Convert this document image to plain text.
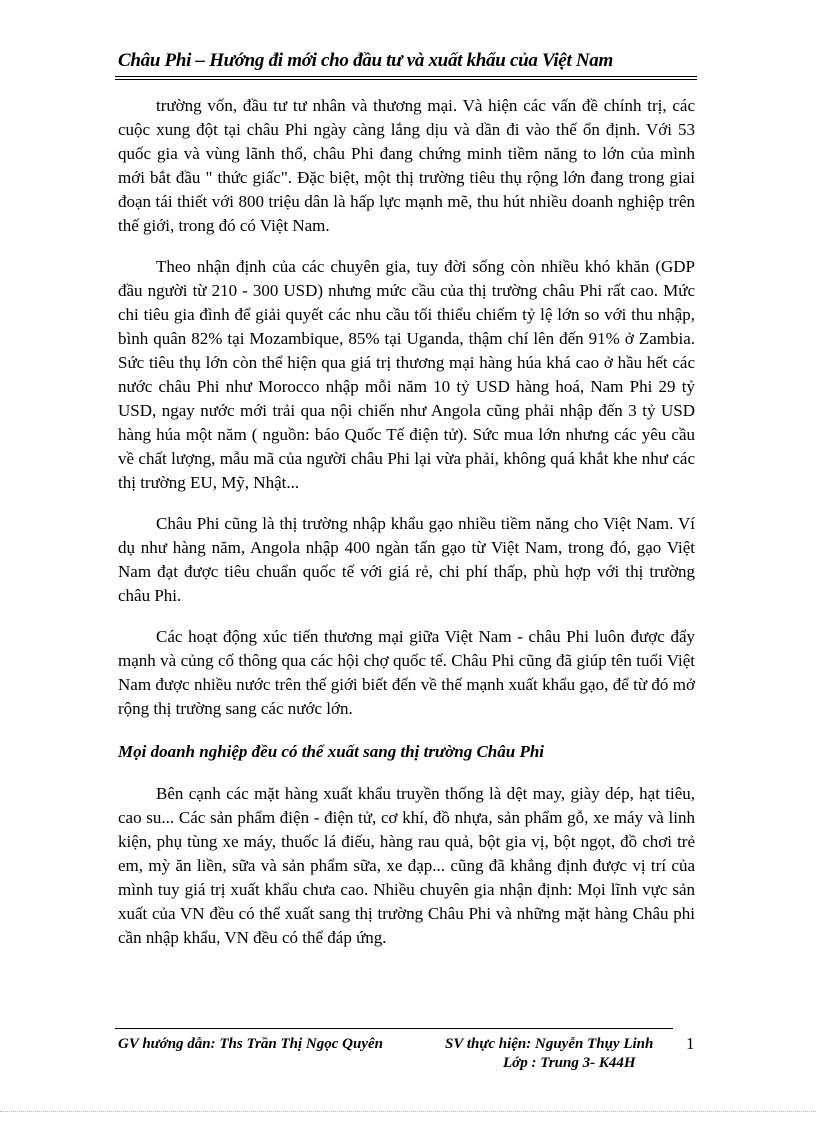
Châu Phi – Hướng đi mới cho đầu tư và xuất khẩu của Việt Nam

trường vốn, đầu tư tư nhân và thương mại. Và hiện các vấn đề chính trị, các cuộc xung đột tại châu Phi ngày càng lắng dịu và dần đi vào thế ổn định. Với 53 quốc gia và vùng lãnh thổ, châu Phi đang chứng minh tiềm năng to lớn của mình mới bắt đầu " thức giấc". Đặc biệt, một thị trường tiêu thụ rộng lớn đang trong giai đoạn tái thiết với 800 triệu dân là hấp lực mạnh mẽ, thu hút nhiều doanh nghiệp trên thế giới, trong đó có Việt Nam.

Theo nhận định của các chuyên gia, tuy đời sống còn nhiều khó khăn (GDP đầu người từ 210 - 300 USD) nhưng mức cầu của thị trường châu Phi rất cao. Mức chi tiêu gia đình để giải quyết các nhu cầu tối thiểu chiếm tỷ lệ lớn so với thu nhập, bình quân 82% tại Mozambique, 85% tại Uganda, thậm chí lên đến 91% ở Zambia. Sức tiêu thụ lớn còn thể hiện qua giá trị thương mại hàng húa khá cao ở hầu hết các nước châu Phi như Morocco nhập mỗi năm 10 tỷ USD hàng hoá, Nam Phi 29 tỷ USD, ngay nước mới trải qua nội chiến như Angola cũng phải nhập đến 3 tỷ USD hàng húa một năm ( nguồn: báo Quốc Tế điện tử). Sức mua lớn nhưng các yêu cầu về chất lượng, mẫu mã của người châu Phi lại vừa phải, không quá khắt khe như các thị trường EU, Mỹ, Nhật...

Châu Phi cũng là thị trường nhập khẩu gạo nhiều tiềm năng cho Việt Nam. Ví dụ như hàng năm, Angola nhập 400 ngàn tấn gạo từ Việt Nam, trong đó, gạo Việt Nam đạt được tiêu chuẩn quốc tế với giá rẻ, chi phí thấp, phù hợp với thị trường châu Phi.

Các hoạt động xúc tiến thương mại giữa Việt Nam - châu Phi luôn được đẩy mạnh và củng cố thông qua các hội chợ quốc tế. Châu Phi cũng đã giúp tên tuổi Việt Nam được nhiều nước trên thế giới biết đến về thế mạnh xuất khẩu gạo, để từ đó mở rộng thị trường sang các nước lớn.

Mọi doanh nghiệp đều có thể xuất sang thị trường Châu Phi

Bên cạnh các mặt hàng xuất khẩu truyền thống là dệt may, giày dép, hạt tiêu, cao su... Các sản phẩm điện - điện tử, cơ khí, đồ nhựa, sản phẩm gỗ, xe máy và linh kiện, phụ tùng xe máy, thuốc lá điếu, hàng rau quả, bột gia vị, bột ngọt, đồ chơi trẻ em, mỳ ăn liền, sữa và sản phẩm sữa, xe đạp... cũng đã khẳng định được vị trí của mình tuy giá trị xuất khẩu chưa cao. Nhiều chuyên gia nhận định: Mọi lĩnh vực sản xuất của VN đều có thể xuất sang thị trường Châu Phi và những mặt hàng Châu phi cần nhập khẩu, VN đều có thể đáp ứng.

GV hướng dẫn: Ths Trần Thị Ngọc Quyên	SV thực hiện: Nguyễn Thụy Linh
Lớp : Trung 3- K44H
1
